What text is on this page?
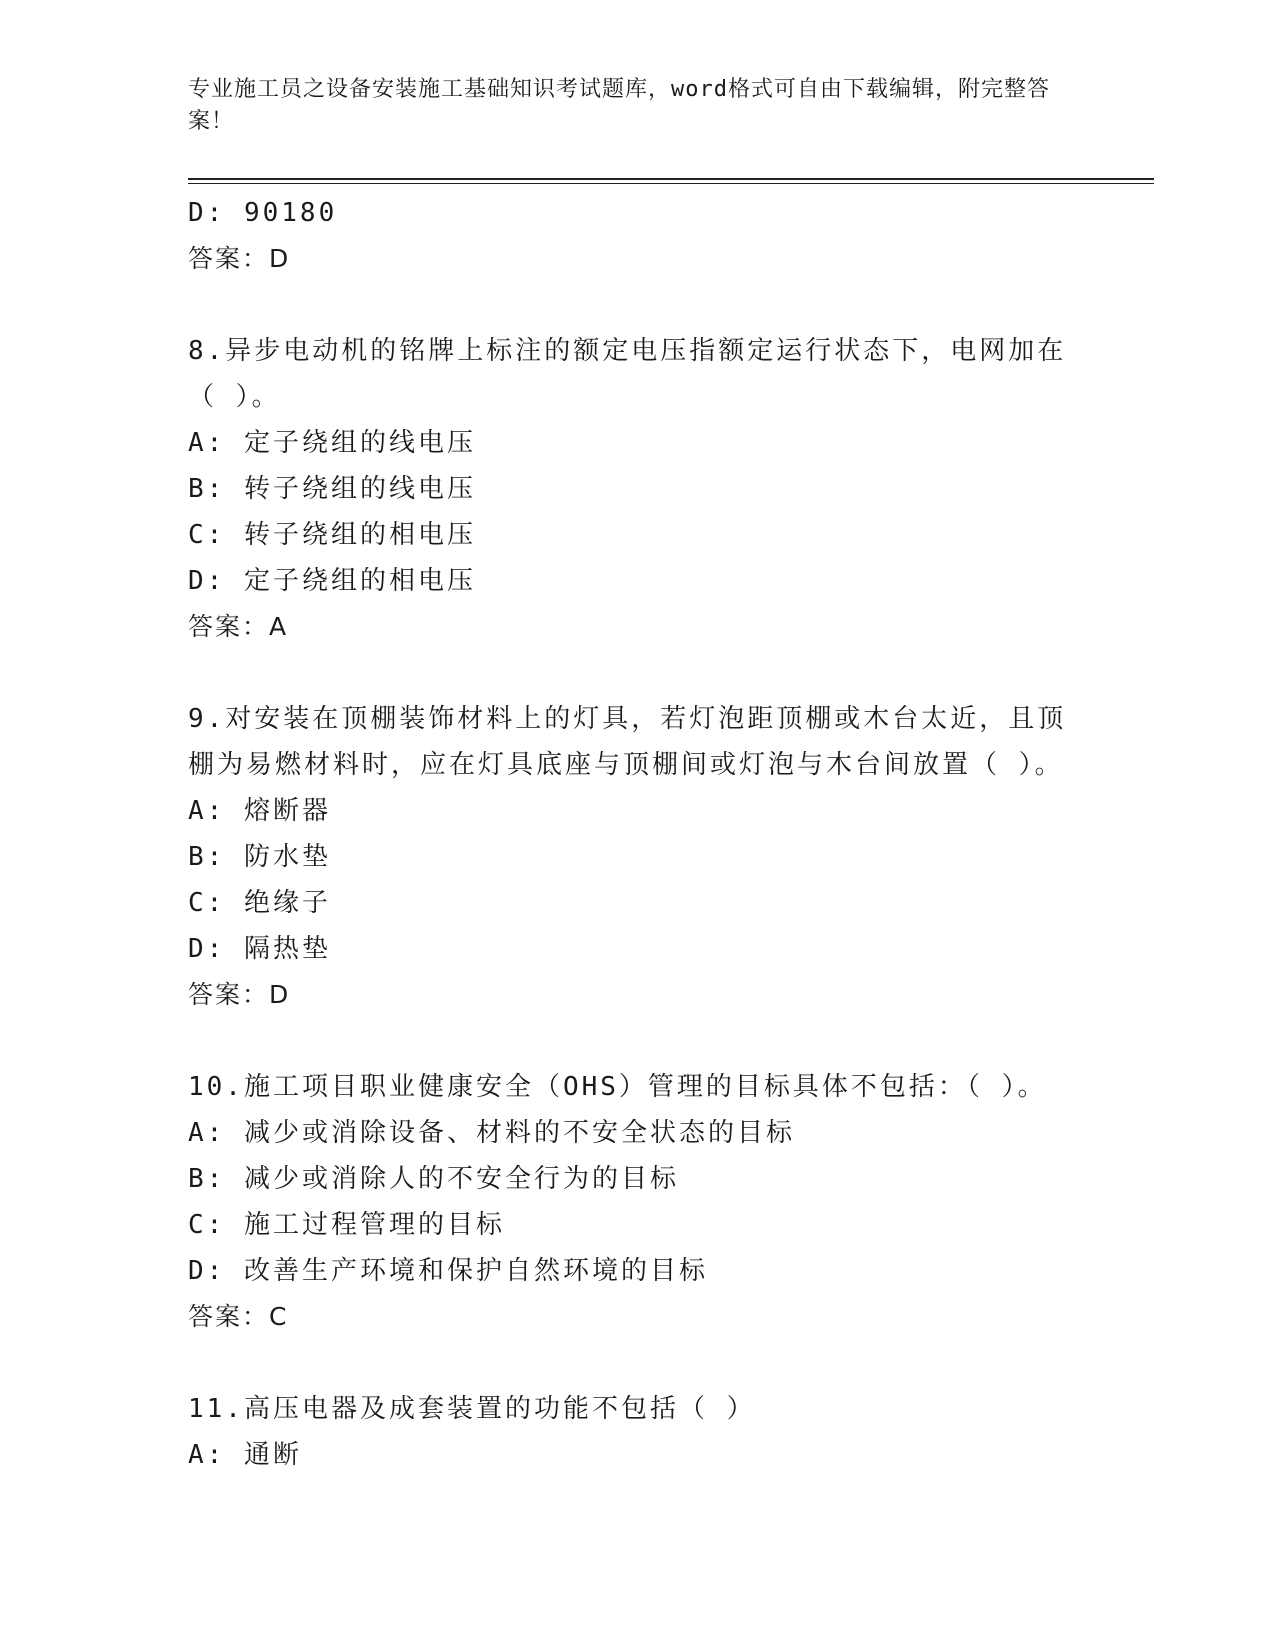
专业施工员之设备安装施工基础知识考试题库，word格式可自由下载编辑，附完整答案！
D: 90180
答案：D
8.异步电动机的铭牌上标注的额定电压指额定运行状态下，电网加在（ ）。
A: 定子绕组的线电压
B: 转子绕组的线电压
C: 转子绕组的相电压
D: 定子绕组的相电压
答案：A
9.对安装在顶棚装饰材料上的灯具，若灯泡距顶棚或木台太近，且顶棚为易燃材料时，应在灯具底座与顶棚间或灯泡与木台间放置（ ）。
A: 熔断器
B: 防水垫
C: 绝缘子
D: 隔热垫
答案：D
10.施工项目职业健康安全（OHS）管理的目标具体不包括：（ ）。
A: 减少或消除设备、材料的不安全状态的目标
B: 减少或消除人的不安全行为的目标
C: 施工过程管理的目标
D: 改善生产环境和保护自然环境的目标
答案：C
11.高压电器及成套装置的功能不包括（ ）
A: 通断
